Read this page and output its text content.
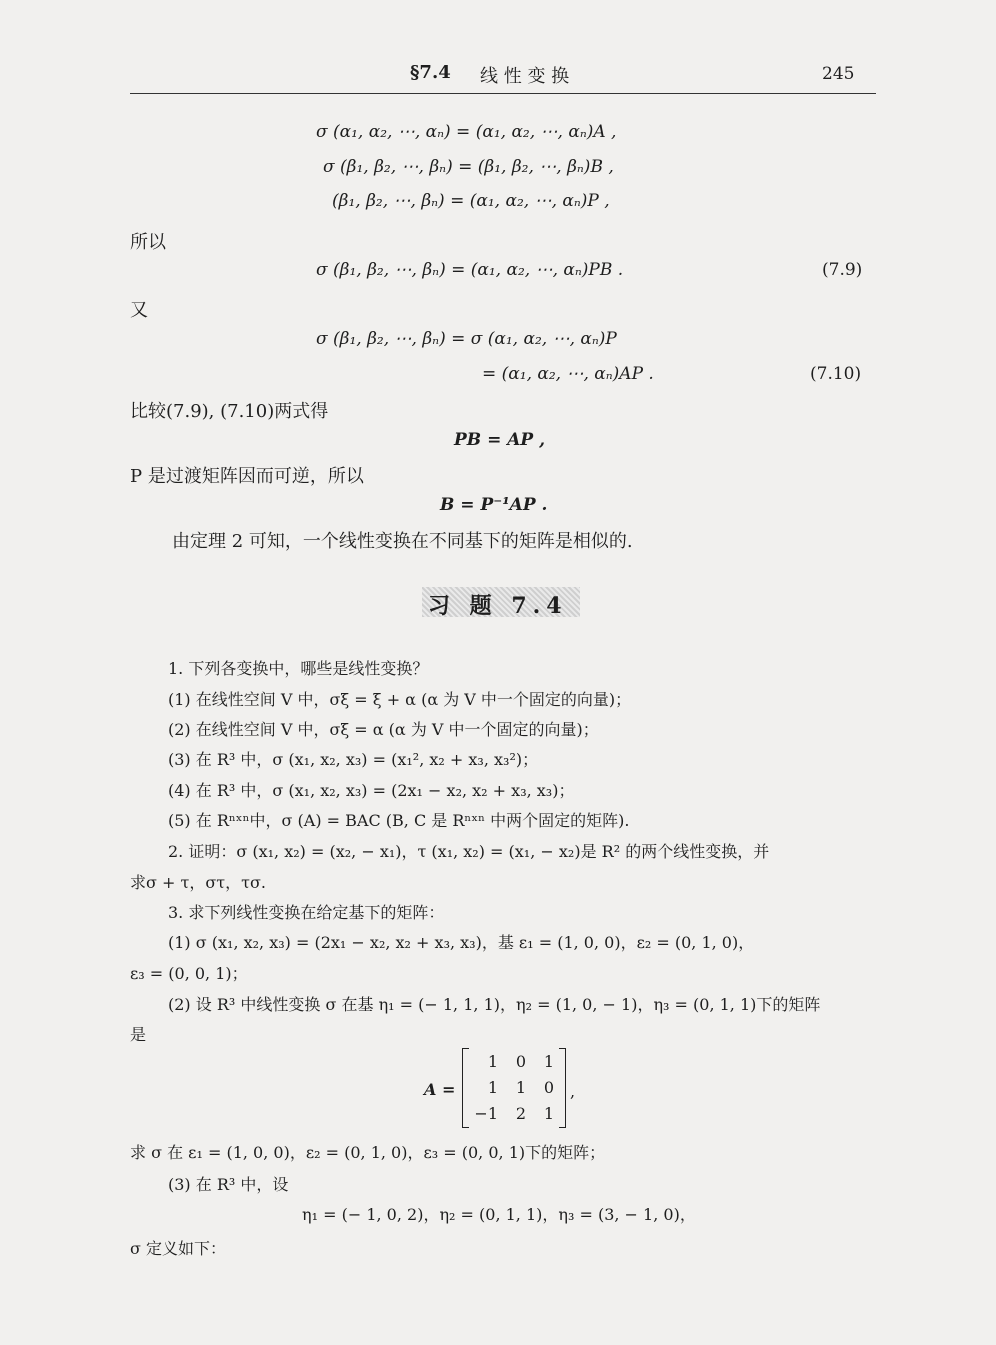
§7.4 线 性 变 换	245
σ (α₁, α₂, ⋯, αₙ) = (α₁, α₂, ⋯, αₙ)A ,
σ (β₁, β₂, ⋯, βₙ) = (β₁, β₂, ⋯, βₙ)B ,
(β₁, β₂, ⋯, βₙ) = (α₁, α₂, ⋯, αₙ)P ,
所以
σ (β₁, β₂, ⋯, βₙ) = (α₁, α₂, ⋯, αₙ)PB .	(7.9)
又
σ (β₁, β₂, ⋯, βₙ) = σ (α₁, α₂, ⋯, αₙ)P
= (α₁, α₂, ⋯, αₙ)AP .	(7.10)
比较(7.9), (7.10)两式得
PB = AP ,
P 是过渡矩阵因而可逆，所以
B = P⁻¹AP .
由定理 2 可知，一个线性变换在不同基下的矩阵是相似的.
习 题 7.4
1. 下列各变换中，哪些是线性变换？
(1) 在线性空间 V 中，σξ = ξ + α (α 为 V 中一个固定的向量)；
(2) 在线性空间 V 中，σξ = α (α 为 V 中一个固定的向量)；
(3) 在 R³ 中，σ (x₁, x₂, x₃) = (x₁², x₂ + x₃, x₃²)；
(4) 在 R³ 中，σ (x₁, x₂, x₃) = (2x₁ − x₂, x₂ + x₃, x₃)；
(5) 在 Rⁿˣⁿ中，σ (A) = BAC (B, C 是 Rⁿˣⁿ 中两个固定的矩阵).
2. 证明：σ (x₁, x₂) = (x₂, − x₁)，τ (x₁, x₂) = (x₁, − x₂)是 R² 的两个线性变换，并
求σ + τ，στ，τσ.
3. 求下列线性变换在给定基下的矩阵：
(1) σ (x₁, x₂, x₃) = (2x₁ − x₂, x₂ + x₃, x₃)，基 ε₁ = (1, 0, 0)，ε₂ = (0, 1, 0)，
ε₃ = (0, 0, 1)；
(2) 设 R³ 中线性变换 σ 在基 η₁ = (− 1, 1, 1)，η₂ = (1, 0, − 1)，η₃ = (0, 1, 1)下的矩阵
是
A =
1	0	1
1	1	0
−1	2	1
,
求 σ 在 ε₁ = (1, 0, 0)，ε₂ = (0, 1, 0)，ε₃ = (0, 0, 1)下的矩阵；
(3) 在 R³ 中，设
η₁ = (− 1, 0, 2)，η₂ = (0, 1, 1)，η₃ = (3, − 1, 0)，
σ 定义如下：
